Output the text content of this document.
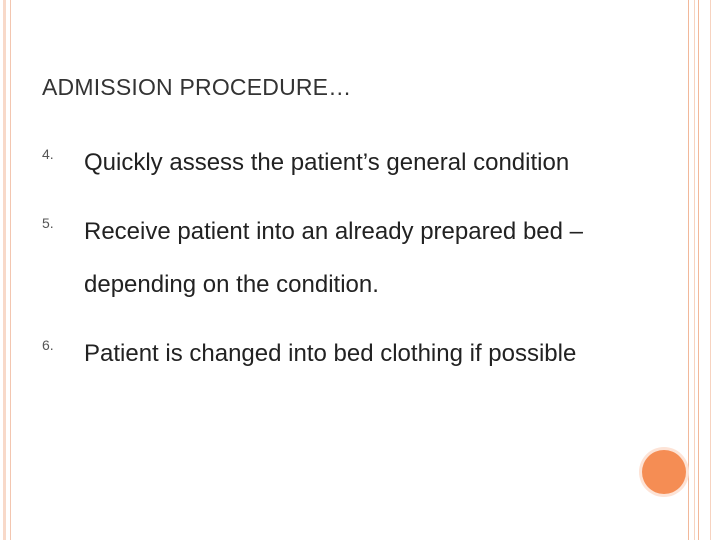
ADMISSION PROCEDURE…
4. Quickly assess the patient’s general condition
5. Receive patient into an already prepared bed – depending on the condition.
6. Patient is changed into bed clothing if possible
